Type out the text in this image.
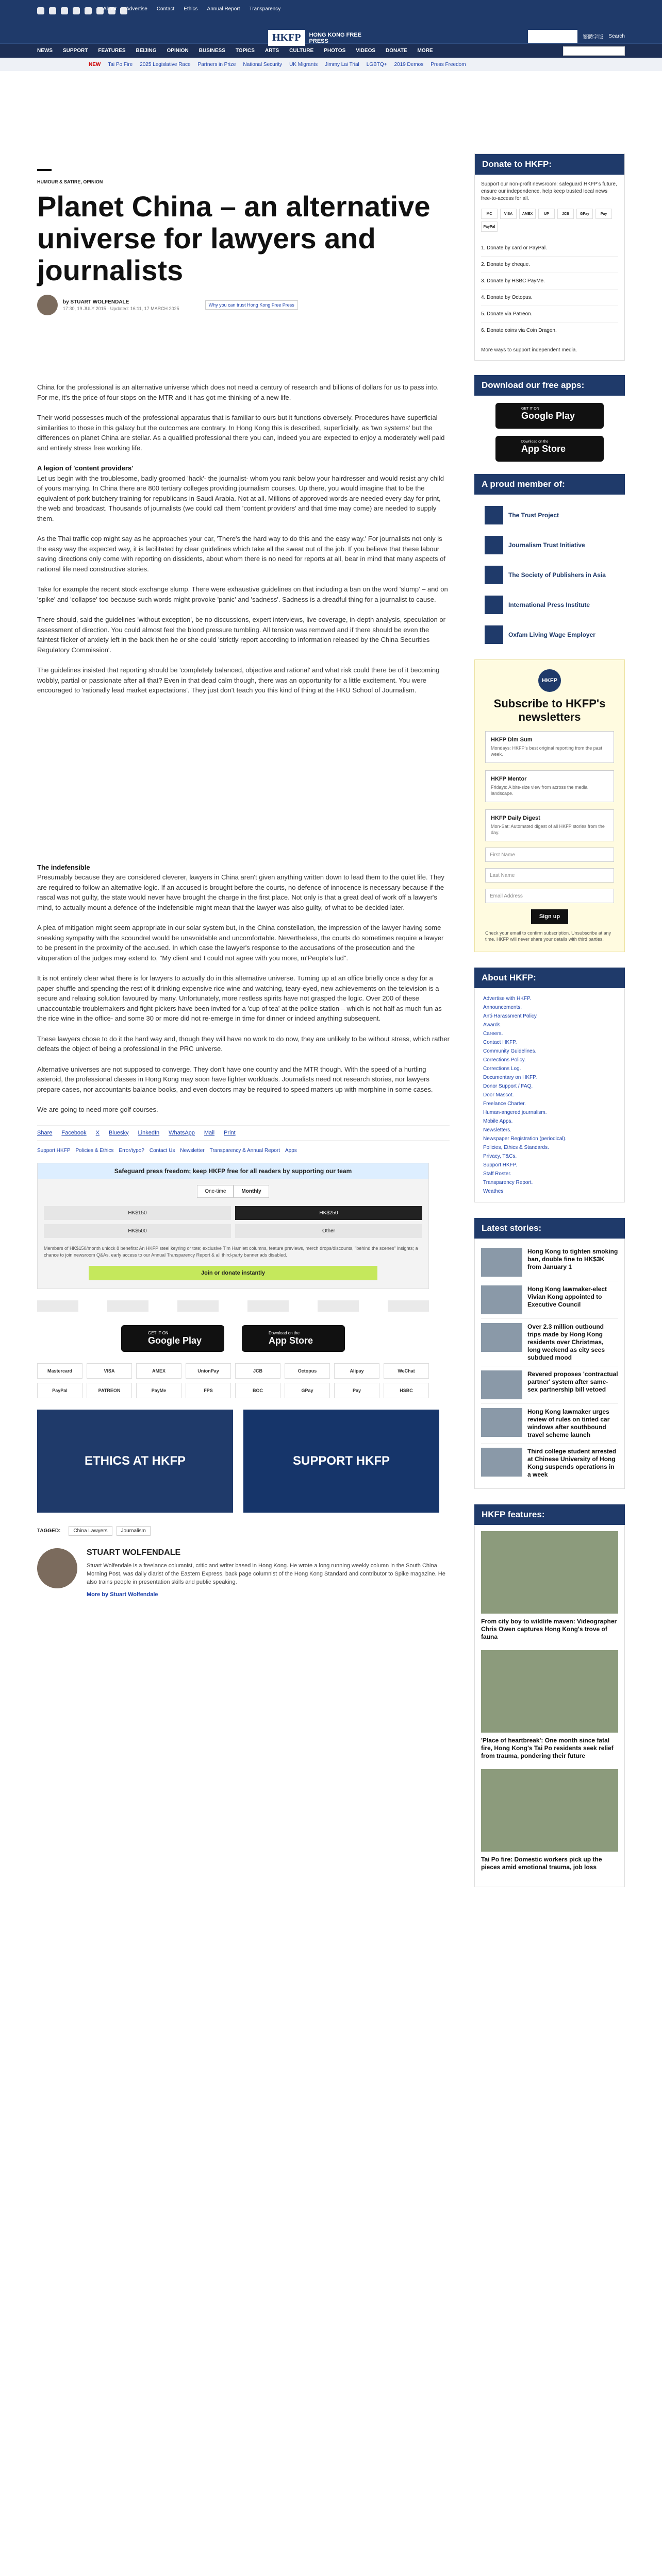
About Advertise Contact Ethics Annual Report Transparency
HKFP	HONG KONG FREE PRESS
SUPPORT HKFP	繁體字版 Search
NEWS SUPPORT FEATURES BEIJING OPINION BUSINESS TOPICS ARTS CULTURE PHOTOS VIDEOS DONATE MORE
NEW Tai Po Fire 2025 Legislative Race Partners in Prize National Security UK Migrants Jimmy Lai Trial LGBTQ+ 2019 Demos Press Freedom
HUMOUR & SATIRE, OPINION
Planet China – an alternative universe for lawyers and journalists
by STUART WOLFENDALE
17:30, 19 JULY 2015 · Updated: 16:11, 17 MARCH 2025
Why you can trust Hong Kong Free Press

China for the professional is an alternative universe which does not need a century of research and billions of dollars for us to pass into. For me, it's the price of four stops on the MTR and it has got me thinking of a new life.

Their world possesses much of the professional apparatus that is familiar to ours but it functions obversely. Procedures have superficial similarities to those in this galaxy but the outcomes are contrary. In Hong Kong this is described, superficially, as 'two systems' but the differences on planet China are stellar. As a qualified professional there you can, indeed you are expected to enjoy a moderately well paid and entirely stress free working life.

A legion of 'content providers'

Let us begin with the troublesome, badly groomed 'hack'- the journalist- whom you rank below your hairdresser and would resist any child of yours marrying. In China there are 800 tertiary colleges providing journalism courses. Up there, you would imagine that to be the equivalent of pork butchery training for republicans in Saudi Arabia. Not at all. Millions of approved words are needed every day for print, the web and broadcast. Thousands of journalists (we could call them 'content providers' and that time may come) are needed to supply them.

As the Thai traffic cop might say as he approaches your car, 'There's the hard way to do this and the easy way.' For journalists not only is the easy way the expected way, it is facilitated by clear guidelines which take all the sweat out of the job. If you believe that these labour saving directions only come with reporting on dissidents, about whom there is no need for reports at all, bear in mind that many aspects of national life need constructive stories.

Take for example the recent stock exchange slump. There were exhaustive guidelines on that including a ban on the word 'slump' – and on 'spike' and 'collapse' too because such words might provoke 'panic' and 'sadness'. Sadness is a dreadful thing for a journalist to cause.

There should, said the guidelines 'without exception', be no discussions, expert interviews, live coverage, in-depth analysis, speculation or assessment of direction. You could almost feel the blood pressure tumbling. All tension was removed and if there should be even the faintest flicker of anxiety left in the back then he or she could 'strictly report according to information released by the China Securities Regulatory Commission'.

The guidelines insisted that reporting should be 'completely balanced, objective and rational' and what risk could there be of it becoming wobbly, partial or passionate after all that? Even in that dead calm though, there was an opportunity for a little excitement. You were encouraged to 'rationally lead market expectations'. They just don't teach you this kind of thing at the HKU School of Journalism.

The indefensible

Presumably because they are considered cleverer, lawyers in China aren't given anything written down to lead them to the quiet life. They are required to follow an alternative logic. If an accused is brought before the courts, no defence of innocence is necessary because if the rascal was not guilty, the state would never have brought the charge in the first place. Not only is that a great deal of work off a lawyer's mind, to actually mount a defence of the indefensible might mean that the lawyer was also guilty, of what to be decided later.

A plea of mitigation might seem appropriate in our solar system but, in the China constellation, the impression of the lawyer having some sneaking sympathy with the scoundrel would be unavoidable and uncomfortable. Nevertheless, the courts do sometimes require a lawyer to be present in the proximity of the accused. In which case the lawyer's response to the accusations of the prosecution and the vituperation of the judges may extend to, "My client and I could not agree with you more, m'People's lud".

It is not entirely clear what there is for lawyers to actually do in this alternative universe. Turning up at an office briefly once a day for a paper shuffle and spending the rest of it drinking expensive rice wine and watching, teary-eyed, new achievements on the television is a secure and relaxing solution favoured by many. Unfortunately, more restless spirits have not grasped the logic. Over 200 of these unaccountable troublemakers and fight-pickers have been invited for a 'cup of tea' at the police station – which is not half as much fun as the rice wine in the office- and some 30 or more did not re-emerge in time for dinner or indeed anything subsequent.

These lawyers chose to do it the hard way and, though they will have no work to do now, they are unlikely to be without stress, which rather defeats the object of being a professional in the PRC universe.

Alternative universes are not supposed to converge. They don't have one country and the MTR though. With the speed of a hurtling asteroid, the professional classes in Hong Kong may soon have lighter workloads. Journalists need not research stories, nor lawyers prepare cases, nor accountants balance books, and even doctors may be required to speed matters up with morphine in some cases.

We are going to need more golf courses.

Share Facebook X Bluesky LinkedIn WhatsApp Mail Print
Support HKFP Policies & Ethics Error/typo? Contact Us Newsletter Transparency & Annual Report Apps
Safeguard press freedom; keep HKFP free for all readers by supporting our team
One-time	Monthly
HK$150	HK$250
HK$500	Other
Members of HK$150/month unlock 8 benefits: An HKFP steel keyring or tote; exclusive Tim Hamlett columns, feature previews, merch drops/discounts, "behind the scenes" insights; a chance to join newsroom Q&As, early access to our Annual Transparency Report & all third-party banner ads disabled.
Join or donate instantly
GET IT ON
Google Play
Download on the
App Store
Mastercard	VISA	AMEX	UnionPay	JCB	Octopus	Alipay	WeChat
PayPal	PATREON	PayMe	FPS	BOC	GPay	Pay	HSBC
ETHICS AT HKFP	SUPPORT HKFP
TAGGED:	China Lawyers	Journalism
STUART WOLFENDALE

Stuart Wolfendale is a freelance columnist, critic and writer based in Hong Kong. He wrote a long running weekly column in the South China Morning Post, was daily diarist of the Eastern Express, back page columnist of the Hong Kong Standard and contributor to Spike magazine. He also trains people in presentation skills and public speaking.

More by Stuart Wolfendale
Donate to HKFP:

Support our non-profit newsroom: safeguard HKFP's future, ensure our independence, help keep trusted local news free-to-access for all.

MC	VISA	AMEX	UP	JCB	GPay	Pay
PayPal
1. Donate by card or PayPal.
2. Donate by cheque.
3. Donate by HSBC PayMe.
4. Donate by Octopus.
5. Donate via Patreon.
6. Donate coins via Coin Dragon.

More ways to support independent media.

Download our free apps:
GET IT ON
Google Play
Download on the
App Store
A proud member of:
The Trust Project
Journalism Trust Initiative
The Society of Publishers in Asia
International Press Institute
Oxfam Living Wage Employer
HKFP
Subscribe to HKFP's newsletters
HKFP Dim Sum
Mondays: HKFP's best original reporting from the past week.
HKFP Mentor
Fridays: A bite-size view from across the media landscape.
HKFP Daily Digest
Mon-Sat: Automated digest of all HKFP stories from the day.
First Name
Last Name
Email Address
Sign up
Check your email to confirm subscription. Unsubscribe at any time. HKFP will never share your details with third parties.
About HKFP:
Advertise with HKFP.
Announcements.
Anti-Harassment Policy.
Awards.
Careers.
Contact HKFP.
Community Guidelines.
Corrections Policy.
Corrections Log.
Documentary on HKFP.
Donor Support / FAQ.
Door Mascot.
Freelance Charter.
Human-angered journalism.
Mobile Apps.
Newsletters.
Newspaper Registration (periodical).
Policies, Ethics & Standards.
Privacy, T&Cs.
Support HKFP.
Staff Roster.
Transparency Report.
Weathes
Latest stories:
Hong Kong to tighten smoking ban, double fine to HK$3K from January 1
Hong Kong lawmaker-elect Vivian Kong appointed to Executive Council
Over 2.3 million outbound trips made by Hong Kong residents over Christmas, long weekend as city sees subdued mood
Revered proposes 'contractual partner' system after same-sex partnership bill vetoed
Hong Kong lawmaker urges review of rules on tinted car windows after southbound travel scheme launch
Third college student arrested at Chinese University of Hong Kong suspends operations in a week
HKFP features:
From city boy to wildlife maven: Videographer Chris Owen captures Hong Kong's trove of fauna
'Place of heartbreak': One month since fatal fire, Hong Kong's Tai Po residents seek relief from trauma, pondering their future
Tai Po fire: Domestic workers pick up the pieces amid emotional trauma, job loss
